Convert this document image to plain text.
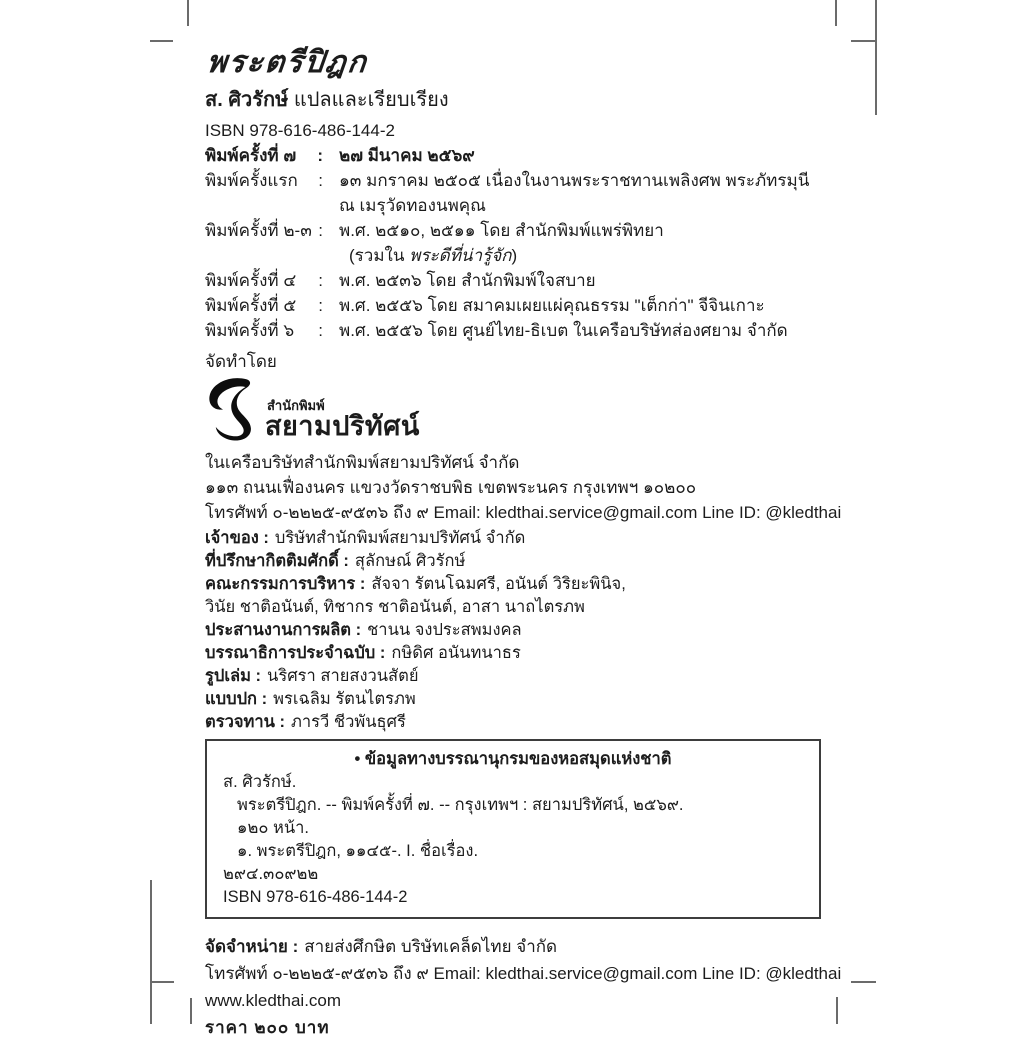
พระตรีปิฎก
ส. ศิวรักษ์ แปลและเรียบเรียง
ISBN 978-616-486-144-2
พิมพ์ครั้งที่ ๗ : ๒๗ มีนาคม ๒๕๖๙
พิมพ์ครั้งแรก : ๑๓ มกราคม ๒๕๐๕ เนื่องในงานพระราชทานเพลิงศพ พระภัทรมุนี
ณ เมรุวัดทองนพคุณ
พิมพ์ครั้งที่ ๒-๓ : พ.ศ. ๒๕๑๐, ๒๕๑๑ โดย สำนักพิมพ์แพร่พิทยา
(รวมใน พระดีที่น่ารู้จัก)
พิมพ์ครั้งที่ ๔ : พ.ศ. ๒๕๓๖ โดย สำนักพิมพ์ใจสบาย
พิมพ์ครั้งที่ ๕ : พ.ศ. ๒๕๕๖ โดย สมาคมเผยแผ่คุณธรรม "เต็กก่า" จีจินเกาะ
พิมพ์ครั้งที่ ๖ : พ.ศ. ๒๕๕๖ โดย ศูนย์ไทย-ธิเบต ในเครือบริษัทส่องศยาม จำกัด
จัดทำโดย
สำนักพิมพ์
สยามปริทัศน์
ในเครือบริษัทสำนักพิมพ์สยามปริทัศน์ จำกัด
๑๑๓ ถนนเฟื่องนคร แขวงวัดราชบพิธ เขตพระนคร กรุงเทพฯ ๑๐๒๐๐
โทรศัพท์ ๐-๒๒๒๕-๙๕๓๖ ถึง ๙ Email: kledthai.service@gmail.com Line ID: @kledthai
เจ้าของ : บริษัทสำนักพิมพ์สยามปริทัศน์ จำกัด
ที่ปรึกษากิตติมศักดิ์ : สุลักษณ์ ศิวรักษ์
คณะกรรมการบริหาร : สัจจา รัตนโฉมศรี, อนันต์ วิริยะพินิจ,
วินัย ชาติอนันต์, ทิชากร ชาติอนันต์, อาสา นาถไตรภพ
ประสานงานการผลิต : ชานน จงประสพมงคล
บรรณาธิการประจำฉบับ : กษิดิศ อนันทนาธร
รูปเล่ม : นริศรา สายสงวนสัตย์
แบบปก : พรเฉลิม รัตนไตรภพ
ตรวจทาน : ภารวี ชีวพันธุศรี
• ข้อมูลทางบรรณานุกรมของหอสมุดแห่งชาติ
ส. ศิวรักษ์.
พระตรีปิฎก. -- พิมพ์ครั้งที่ ๗. -- กรุงเทพฯ : สยามปริทัศน์, ๒๕๖๙.
๑๒๐ หน้า.
๑. พระตรีปิฎก, ๑๑๔๕-. I. ชื่อเรื่อง.
๒๙๔.๓๐๙๒๒
ISBN 978-616-486-144-2
จัดจำหน่าย : สายส่งศึกษิต บริษัทเคล็ดไทย จำกัด
โทรศัพท์ ๐-๒๒๒๕-๙๕๓๖ ถึง ๙ Email: kledthai.service@gmail.com Line ID: @kledthai
www.kledthai.com
ราคา ๒๐๐ บาท
